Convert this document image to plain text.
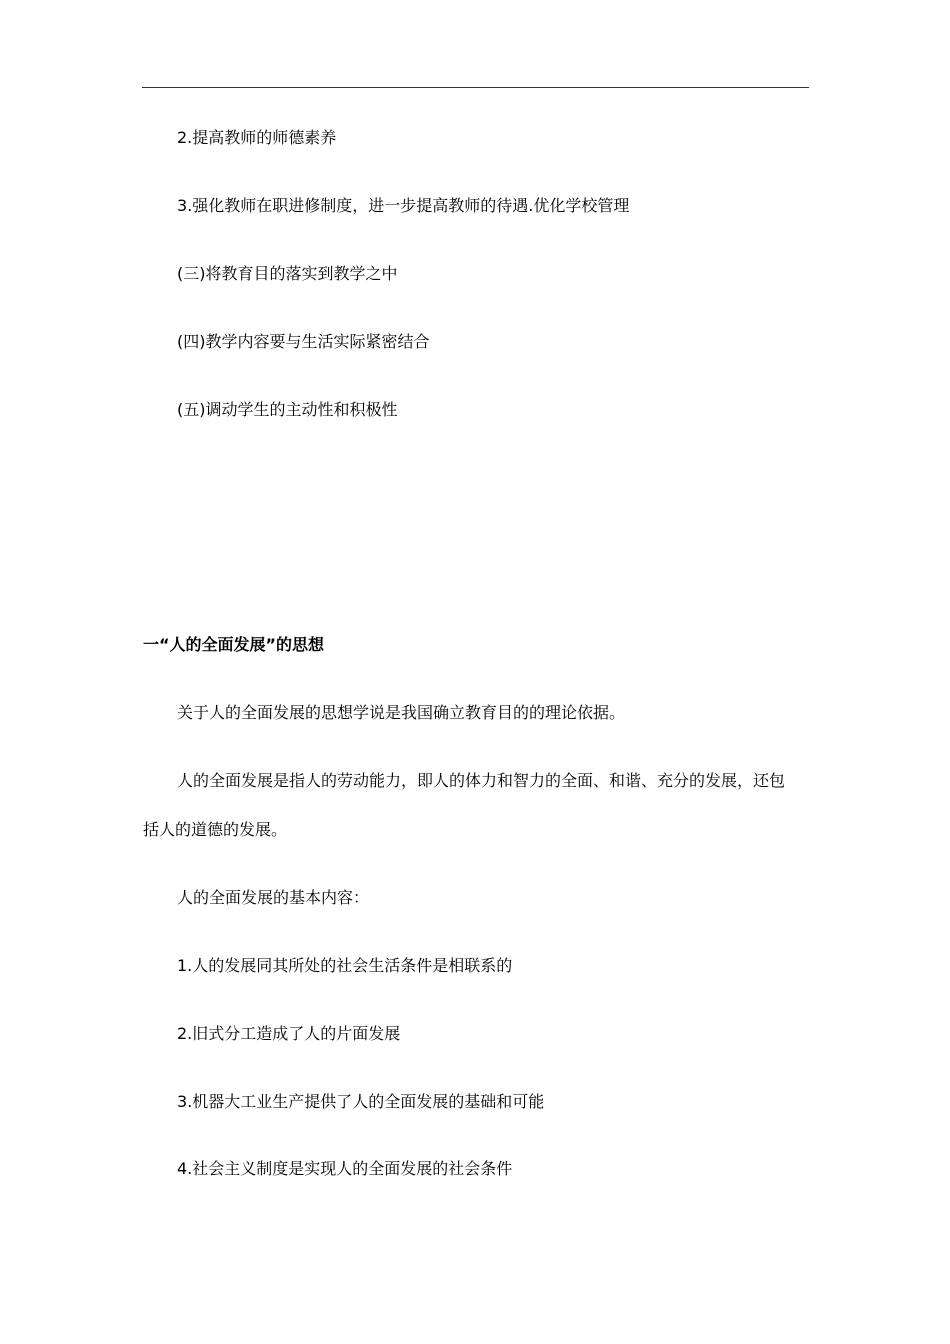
2.提高教师的师德素养
3.强化教师在职进修制度，进一步提高教师的待遇.优化学校管理
(三)将教育目的落实到教学之中
(四)教学内容要与生活实际紧密结合
(五)调动学生的主动性和积极性
一“人的全面发展”的思想
关于人的全面发展的思想学说是我国确立教育目的的理论依据。
人的全面发展是指人的劳动能力，即人的体力和智力的全面、和谐、充分的发展，还包
括人的道德的发展。
人的全面发展的基本内容：
1.人的发展同其所处的社会生活条件是相联系的
2.旧式分工造成了人的片面发展
3.机器大工业生产提供了人的全面发展的基础和可能
4.社会主义制度是实现人的全面发展的社会条件
